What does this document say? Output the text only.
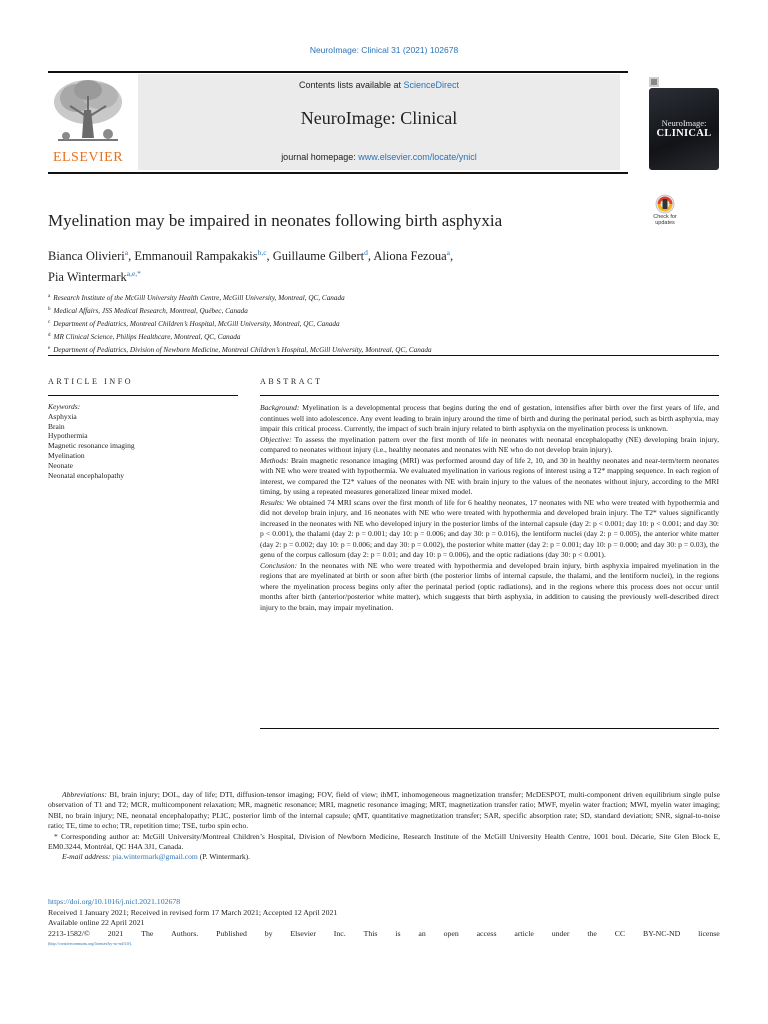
NeuroImage: Clinical 31 (2021) 102678
ELSEVIER
Contents lists available at ScienceDirect
NeuroImage: Clinical
journal homepage: www.elsevier.com/locate/ynicl
NeuroImage:
CLINICAL
Myelination may be impaired in neonates following birth asphyxia	Check for updates
Bianca Olivieri$^a$, Emmanouil Rampakakis$^{b,c}$, Guillaume Gilbert$^d$, Aliona Fezoua$^a$,
Pia Wintermark$^{a,e,*}$
$^a$ Research Institute of the McGill University Health Centre, McGill University, Montreal, QC, Canada
$^b$ Medical Affairs, JSS Medical Research, Montreal, Québec, Canada
$^c$ Department of Pediatrics, Montreal Children’s Hospital, McGill University, Montreal, QC, Canada
$^d$ MR Clinical Science, Philips Healthcare, Montreal, QC, Canada
$^e$ Department of Pediatrics, Division of Newborn Medicine, Montreal Children’s Hospital, McGill University, Montreal, QC, Canada
ARTICLE INFO	ABSTRACT
Keywords:
Asphyxia
Brain
Hypothermia
Magnetic resonance imaging
Myelination
Neonate
Neonatal encephalopathy

Background: Myelination is a developmental process that begins during the end of gestation, intensifies after birth over the first years of life, and continues well into adolescence. Any event leading to brain injury around the time of birth and during the perinatal period, such as birth asphyxia, may impair this critical process. Currently, the impact of such brain injury related to birth asphyxia on the myelination process is unknown.

Objective: To assess the myelination pattern over the first month of life in neonates with neonatal encephalopathy (NE) developing brain injury, compared to neonates without injury (i.e., healthy neonates and neonates with NE who do not develop brain injury).

Methods: Brain magnetic resonance imaging (MRI) was performed around day of life 2, 10, and 30 in healthy neonates and near-term/term neonates with NE who were treated with hypothermia. We evaluated myelination in various regions of interest using a T2* mapping sequence. In each region of interest, we compared the T2* values of the neonates with NE with brain injury to the values of the neonates without injury, according to the MRI timing, by using a repeated measures generalized linear mixed model.

Results: We obtained 74 MRI scans over the first month of life for 6 healthy neonates, 17 neonates with NE who were treated with hypothermia and did not develop brain injury, and 16 neonates with NE who were treated with hypothermia and developed brain injury. The T2* values significantly increased in the neonates with NE who developed injury in the posterior limbs of the internal capsule (day 2: p < 0.001; day 10: p < 0.001; and day 30: p < 0.001), the thalami (day 2: p = 0.001; day 10: p = 0.006; and day 30: p = 0.016), the lentiform nuclei (day 2: p = 0.005), the anterior white matter (day 2: p = 0.002; day 10: p = 0.006; and day 30: p = 0.002), the posterior white matter (day 2: p = 0.001; day 10: p = 0.000; and day 30: p = 0.03), the genu of the corpus callosum (day 2: p = 0.01; and day 10: p = 0.006), and the optic radiations (day 30: p < 0.001).

Conclusion: In the neonates with NE who were treated with hypothermia and developed brain injury, birth asphyxia impaired myelination in the regions that are myelinated at birth or soon after birth (the posterior limbs of internal capsule, the thalami, and the lentiform nuclei), in the regions where the myelination process begins only after the perinatal period (optic radiations), and in the regions where this process does not occur until months after birth (anterior/posterior white matter), which suggests that birth asphyxia, in addition to causing the previously well-described direct injury to the brain, may impair myelination.

Abbreviations: BI, brain injury; DOL, day of life; DTI, diffusion-tensor imaging; FOV, field of view; ihMT, inhomogeneous magnetization transfer; McDESPOT, multi-component driven equilibrium single pulse observation of T1 and T2; MCR, multicomponent relaxation; MR, magnetic resonance; MRI, magnetic resonance imaging; MRT, magnetization transfer ratio; MWF, myelin water fraction; MWI, myelin water imaging; NBI, no brain injury; NE, neonatal encephalopathy; PLIC, posterior limb of the internal capsule; qMT, quantitative magnetization transfer; SAR, specific absorption rate; SD, standard deviation; SNR, signal-to-noise ratio; TE, time to echo; TR, repetition time; TSE, turbo spin echo.

* Corresponding author at: McGill University/Montreal Children’s Hospital, Division of Newborn Medicine, Research Institute of the McGill University Health Centre, 1001 boul. Décarie, Site Glen Block E, EM0.3244, Montréal, QC H4A 3J1, Canada.

E-mail address: pia.wintermark@gmail.com (P. Wintermark).

https://doi.org/10.1016/j.nicl.2021.102678

Received 1 January 2021; Received in revised form 17 March 2021; Accepted 12 April 2021

Available online 22 April 2021

2213-1582/© 2021 The Authors. Published by Elsevier Inc. This is an open access article under the CC BY-NC-ND license

(http://creativecommons.org/licenses/by-nc-nd/4.0/).
